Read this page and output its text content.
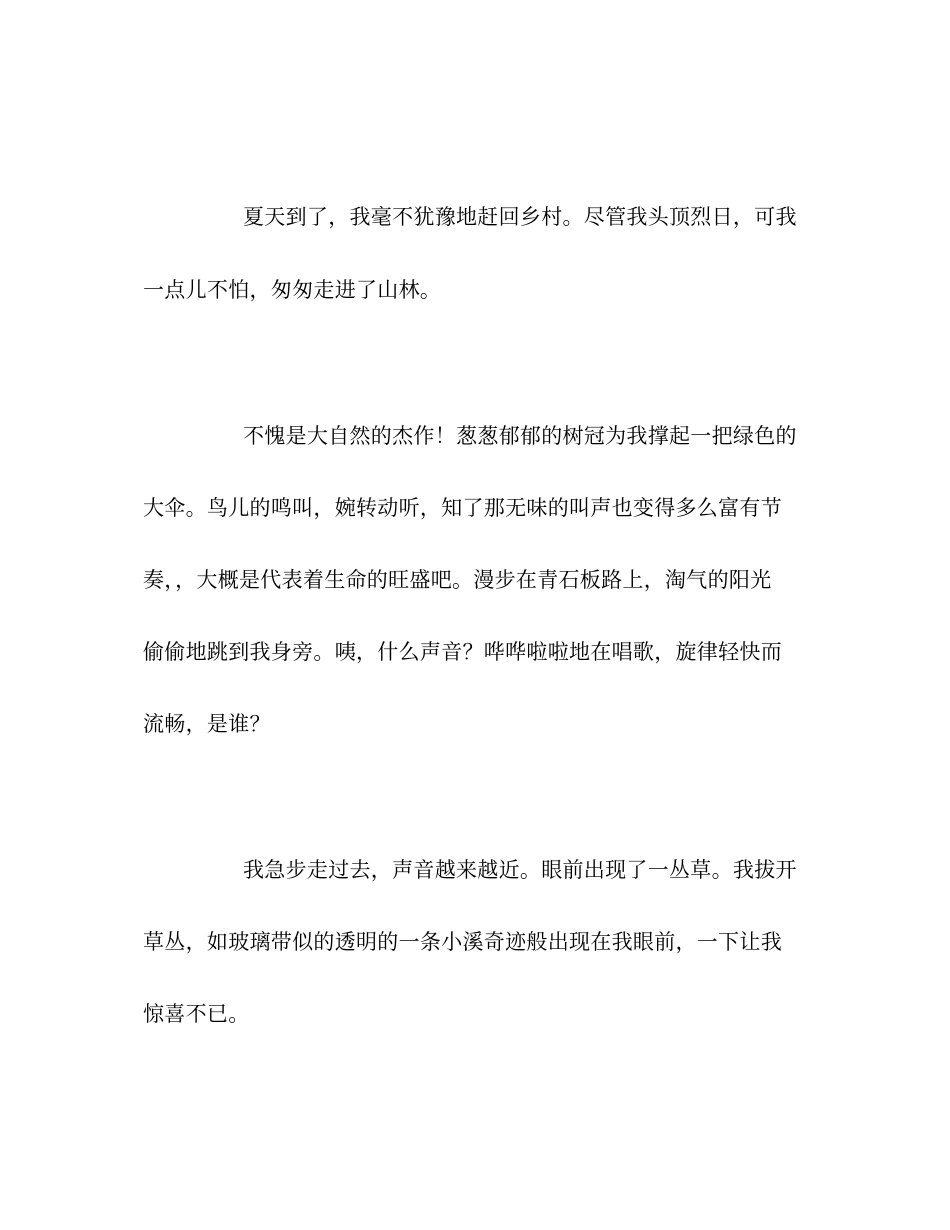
夏天到了，我毫不犹豫地赶回乡村。尽管我头顶烈日，可我
一点儿不怕，匆匆走进了山林。
不愧是大自然的杰作！葱葱郁郁的树冠为我撑起一把绿色的
大伞。鸟儿的鸣叫，婉转动听，知了那无味的叫声也变得多么富有节
奏，，大概是代表着生命的旺盛吧。漫步在青石板路上，淘气的阳光
偷偷地跳到我身旁。咦，什么声音？哗哗啦啦地在唱歌，旋律轻快而
流畅，是谁？
我急步走过去，声音越来越近。眼前出现了一丛草。我拔开
草丛，如玻璃带似的透明的一条小溪奇迹般出现在我眼前，一下让我
惊喜不已。
